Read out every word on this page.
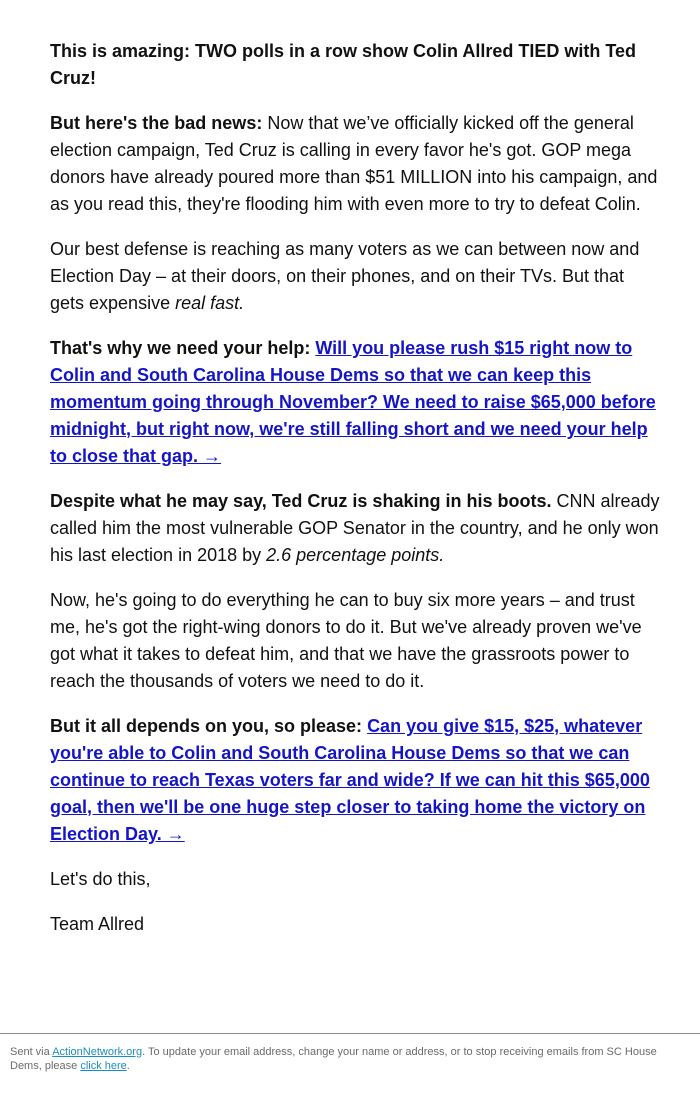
This is amazing: TWO polls in a row show Colin Allred TIED with Ted Cruz!

But here's the bad news: Now that we’ve officially kicked off the general election campaign, Ted Cruz is calling in every favor he's got. GOP mega donors have already poured more than $51 MILLION into his campaign, and as you read this, they're flooding him with even more to try to defeat Colin.

Our best defense is reaching as many voters as we can between now and Election Day – at their doors, on their phones, and on their TVs. But that gets expensive real fast.

That's why we need your help: Will you please rush $15 right now to Colin and South Carolina House Dems so that we can keep this momentum going through November? We need to raise $65,000 before midnight, but right now, we're still falling short and we need your help to close that gap. →

Despite what he may say, Ted Cruz is shaking in his boots. CNN already called him the most vulnerable GOP Senator in the country, and he only won his last election in 2018 by 2.6 percentage points.

Now, he's going to do everything he can to buy six more years – and trust me, he's got the right-wing donors to do it. But we've already proven we've got what it takes to defeat him, and that we have the grassroots power to reach the thousands of voters we need to do it.

But it all depends on you, so please: Can you give $15, $25, whatever you're able to Colin and South Carolina House Dems so that we can continue to reach Texas voters far and wide? If we can hit this $65,000 goal, then we'll be one huge step closer to taking home the victory on Election Day. →

Let's do this,

Team Allred

Sent via ActionNetwork.org. To update your email address, change your name or address, or to stop receiving emails from SC House Dems, please click here.
